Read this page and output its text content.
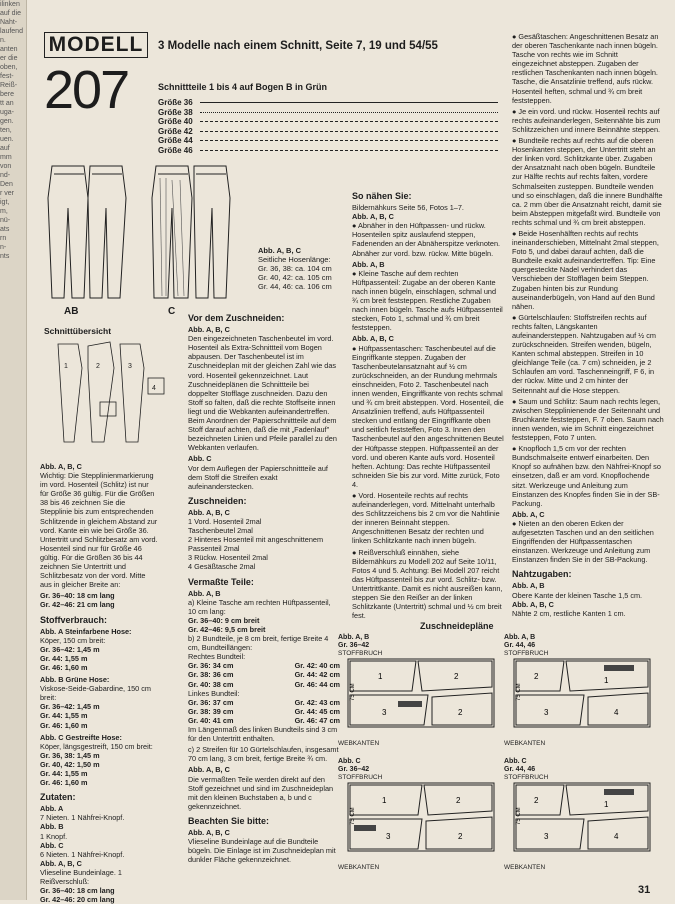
ilinken
auf die
Naht-
laufend
n.
anten
er die
oben,
fest-
Reiß-
bere
tt an
uga-
gen.
ten,
uen.
auf
mm
von
nd-
Den
r ver
igt,
m,
nü-
ats
rn
n-
nts
MODELL
207
3 Modelle nach einem Schnitt, Seite 7, 19 und 54/55
Schnittteile 1 bis 4 auf Bogen B in Grün
Größe 36
Größe 38
Größe 40
Größe 42
Größe 44
Größe 46
AB	C
Abb. A, B, C
Seitliche Hosenlänge:
Gr. 36, 38: ca. 104 cm
Gr. 40, 42: ca. 105 cm
Gr. 44, 46: ca. 106 cm
Schnittübersicht
1	2	3
4
Abb. A, B, C

Wichtig: Die Stepplinienmarkierung im vord. Hosenteil (Schlitz) ist nur für Größe 36 gültig. Für die Größen 38 bis 46 zeichnen Sie die Stepplinie bis zum entsprechenden Schlitzende in gleichem Abstand zur vord. Kante ein wie bei Größe 36. Untertritt und Schlitzbesatz am vord. Hosenteil sind nur für Größe 46 gültig. Für die Größen 36 bis 44 zeichnen Sie Untertritt und Schlitzbesatz von der vord. Mitte aus in gleicher Breite an:

Gr. 36–40: 18 cm lang
Gr. 42–46: 21 cm lang
Stoffverbrauch:
Abb. A Steinfarbene Hose:
Köper, 150 cm breit:
Gr. 36–42: 1,45 m
Gr. 44: 1,55 m
Gr. 46: 1,60 m
Abb. B Grüne Hose:
Viskose-Seide-Gabardine, 150 cm breit:
Gr. 36–42: 1,45 m
Gr. 44: 1,55 m
Gr. 46: 1,60 m
Abb. C Gestreifte Hose:
Köper, längsgestreift, 150 cm breit:
Gr. 36, 38: 1,45 m
Gr. 40, 42: 1,50 m
Gr. 44: 1,55 m
Gr. 46: 1,60 m
Zutaten:
Abb. A
7 Nieten. 1 Nähfrei-Knopf.
Abb. B
1 Knopf.
Abb. C
6 Nieten. 1 Nähfrei-Knopf.
Abb. A, B, C
Vlieseline Bundeinlage. 1 Reißverschluß:
Gr. 36–40: 18 cm lang
Gr. 42–46: 20 cm lang
Vor dem Zuschneiden:
Abb. A, B, C

Den eingezeichneten Taschenbeutel im vord. Hosenteil als Extra-Schnittteil vom Bogen abpausen. Der Taschenbeutel ist im Zuschneideplan mit der gleichen Zahl wie das vord. Hosenteil gekennzeichnet. Laut Zuschneideplänen die Schnittteile bei doppelter Stofflage zuschneiden. Dazu den Stoff so falten, daß die rechte Stoffseite innen liegt und die Webkanten aufeinandertreffen. Beim Anordnen der Papierschnittteile auf dem Stoff darauf achten, daß die mit „Fadenlauf" bezeichneten Linien und Pfeile parallel zu den Webkanten verlaufen.

Abb. C

Vor dem Auflegen der Papierschnittteile auf dem Stoff die Streifen exakt aufeinanderstecken.

Zuschneiden:
Abb. A, B, C
1 Vord. Hosenteil 2mal
Taschenbeutel 2mal
2 Hinteres Hosenteil mit angeschnittenem Passenteil 2mal
3 Rückw. Hosenteil 2mal
4 Gesäßtasche 2mal
Vermaßte Teile:
Abb. A, B
a) Kleine Tasche am rechten Hüftpassenteil, 10 cm lang:
Gr. 36–40: 9 cm breit
Gr. 42–46: 9,5 cm breit
b) 2 Bundteile, je 8 cm breit, fertige Breite 4 cm, Bundteillängen:
Rechtes Bundteil:
Gr. 36: 34 cm	Gr. 42: 40 cm
Gr. 38: 36 cm	Gr. 44: 42 cm
Gr. 40: 38 cm	Gr. 46: 44 cm
Linkes Bundteil:
Gr. 36: 37 cm	Gr. 42: 43 cm
Gr. 38: 39 cm	Gr. 44: 45 cm
Gr. 40: 41 cm	Gr. 46: 47 cm

Im Längenmaß des linken Bundteils sind 3 cm für den Untertritt enthalten.

c) 2 Streifen für 10 Gürtelschlaufen, insgesamt 70 cm lang, 3 cm breit, fertige Breite ¾ cm.

Abb. A, B, C

Die vermaßten Teile werden direkt auf den Stoff gezeichnet und sind im Zuschneideplan mit den kleinen Buchstaben a, b und c gekennzeichnet.

Beachten Sie bitte:
Abb. A, B, C

Vlieseline Bundeinlage auf die Bundteile bügeln. Die Einlage ist im Zuschneideplan mit dunkler Fläche gekennzeichnet.

So nähen Sie:
Bildernähkurs Seite 56, Fotos 1–7.
Abb. A, B, C

● Abnäher in den Hüftpassen- und rückw. Hosenteilen spitz auslaufend steppen, Fadenenden an der Abnäherspitze verknoten. Abnäher zur vord. bzw. rückw. Mitte bügeln.

Abb. A, B

● Kleine Tasche auf dem rechten Hüftpassenteil: Zugabe an der oberen Kante nach innen bügeln, einschlagen, schmal und ¾ cm breit feststeppen. Restliche Zugaben nach innen bügeln. Tasche aufs Hüftpassenteil stecken, Foto 1, schmal und ¾ cm breit feststeppen.

Abb. A, B, C

● Hüftpassentaschen: Taschenbeutel auf die Eingriffkante steppen. Zugaben der Taschenbeutelansatznaht auf ½ cm zurückschneiden, an der Rundung mehrmals einschneiden, Foto 2. Taschenbeutel nach innen wenden, Eingriffkante von rechts schmal und ¾ cm breit absteppen. Vord. Hosenteil, die Ansatzlinien treffend, aufs Hüftpassenteil stecken und entlang der Eingriffkante oben und seitlich feststeffen, Foto 3. Innen den Taschenbeutel auf den angeschnittenen Beutel der Hüftpasse steppen. Hüftpassenteil an der vord. und oberen Kante aufs vord. Hosenteil heften. Achtung: Das rechte Hüftpassenteil schneiden Sie bis zur vord. Mitte zurück, Foto 4.

● Vord. Hosenteile rechts auf rechts aufeinanderlegen, vord. Mittelnaht unterhalb des Schlitzzeichens bis 2 cm vor die Nahtlinie der inneren Beinnaht steppen. Angeschnittenen Besatz der rechten und linken Schlitzkante nach innen bügeln.

● Reißverschluß einnähen, siehe Bildernähkurs zu Modell 202 auf Seite 10/11, Fotos 4 und 5. Achtung: Bei Modell 207 reicht das Hüftpassenteil bis zur vord. Schlitz- bzw. Untertrittkante. Damit es nicht ausreißen kann, steppen Sie den Reißer an der linken Schlitzkante (Untertritt) schmal und ½ cm breit fest.

● Gesäßtaschen: Angeschnittenen Besatz an der oberen Taschenkante nach innen bügeln. Tasche von rechts wie im Schnitt eingezeichnet absteppen. Zugaben der restlichen Taschenkanten nach innen bügeln. Tasche, die Ansatzlinie treffend, aufs rückw. Hosenteil heften, schmal und ¾ cm breit feststeppen.

● Je ein vord. und rückw. Hosenteil rechts auf rechts aufeinanderlegen, Seitennähte bis zum Schlitzzeichen und innere Beinnähte steppen.

● Bundteile rechts auf rechts auf die oberen Hosenkanten steppen, der Untertritt steht an der linken vord. Schlitzkante über. Zugaben der Ansatznaht nach oben bügeln. Bundteile zur Hälfte rechts auf rechts falten, vordere Schmalseiten zusteppen. Bundteile wenden und so einschlagen, daß die innere Bundhälfte ca. 2 mm über die Ansatznaht reicht, damit sie beim Absteppen mitgefaßt wird. Bundteile von rechts schmal und ¾ cm breit absteppen.

● Beide Hosenhälften rechts auf rechts ineinanderschieben, Mittelnaht 2mal steppen, Foto 5, und dabei darauf achten, daß die Bundteile exakt aufeinandertreffen. Tip: Eine quergesteckte Nadel verhindert das Verschieben der Stofflagen beim Steppen. Zugaben hinten bis zur Rundung auseinanderbügeln, von Hand auf den Bund nähen.

● Gürtelschlaufen: Stoffstreifen rechts auf rechts falten, Längskanten aufeinandersteppen. Nahtzugaben auf ½ cm zurückschneiden. Streifen wenden, bügeln, Kanten schmal absteppen. Streifen in 10 gleichlange Teile (ca. 7 cm) schneiden, je 2 Schlaufen am vord. Taschenneingriff, F 6, in der rückw. Mitte und 2 cm hinter der Seitennaht auf die Hose steppen.

● Saum und Schlitz: Saum nach rechts legen, zwischen Stepplinienende der Seitennaht und Bruchkante feststeppen, F. 7 oben. Saum nach innen wenden, wie im Schnitt eingezeichnet feststeppen, Foto 7 unten.

● Knopfloch 1,5 cm vor der rechten Bundschmalseite entwerf einarbeiten. Den Knopf so aufnähen bzw. den Nähfrei-Knopf so einsetzen, daß er am vord. Knopflochende sitzt. Werkzeuge und Anleitung zum Einstanzen des Knopfes finden Sie in der SB-Packung.

Abb. A, C

● Nieten an den oberen Ecken der aufgesetzten Taschen und an den seitlichen Eingriffenden der Hüftpassentaschen einstanzen. Werkzeuge und Anleitung zum Einstanzen finden Sie in der SB-Packung.

Nahtzugaben:
Abb. A, B
Obere Kante der kleinen Tasche 1,5 cm.
Abb. A, B, C
Nähte 2 cm, restliche Kanten 1 cm.
Zuschneidepläne
Abb. A, B
Gr. 36–42
STOFFBRUCH
1	2
3	2
75 CM
WEBKANTEN
Abb. A, B
Gr. 44, 46
STOFFBRUCH
2	1
3	4
75 CM
WEBKANTEN
Abb. C
Gr. 36–42
STOFFBRUCH
1	2
3	2
75 CM
WEBKANTEN
Abb. C
Gr. 44, 46
STOFFBRUCH
2	1
3	4
75 CM
WEBKANTEN
31
